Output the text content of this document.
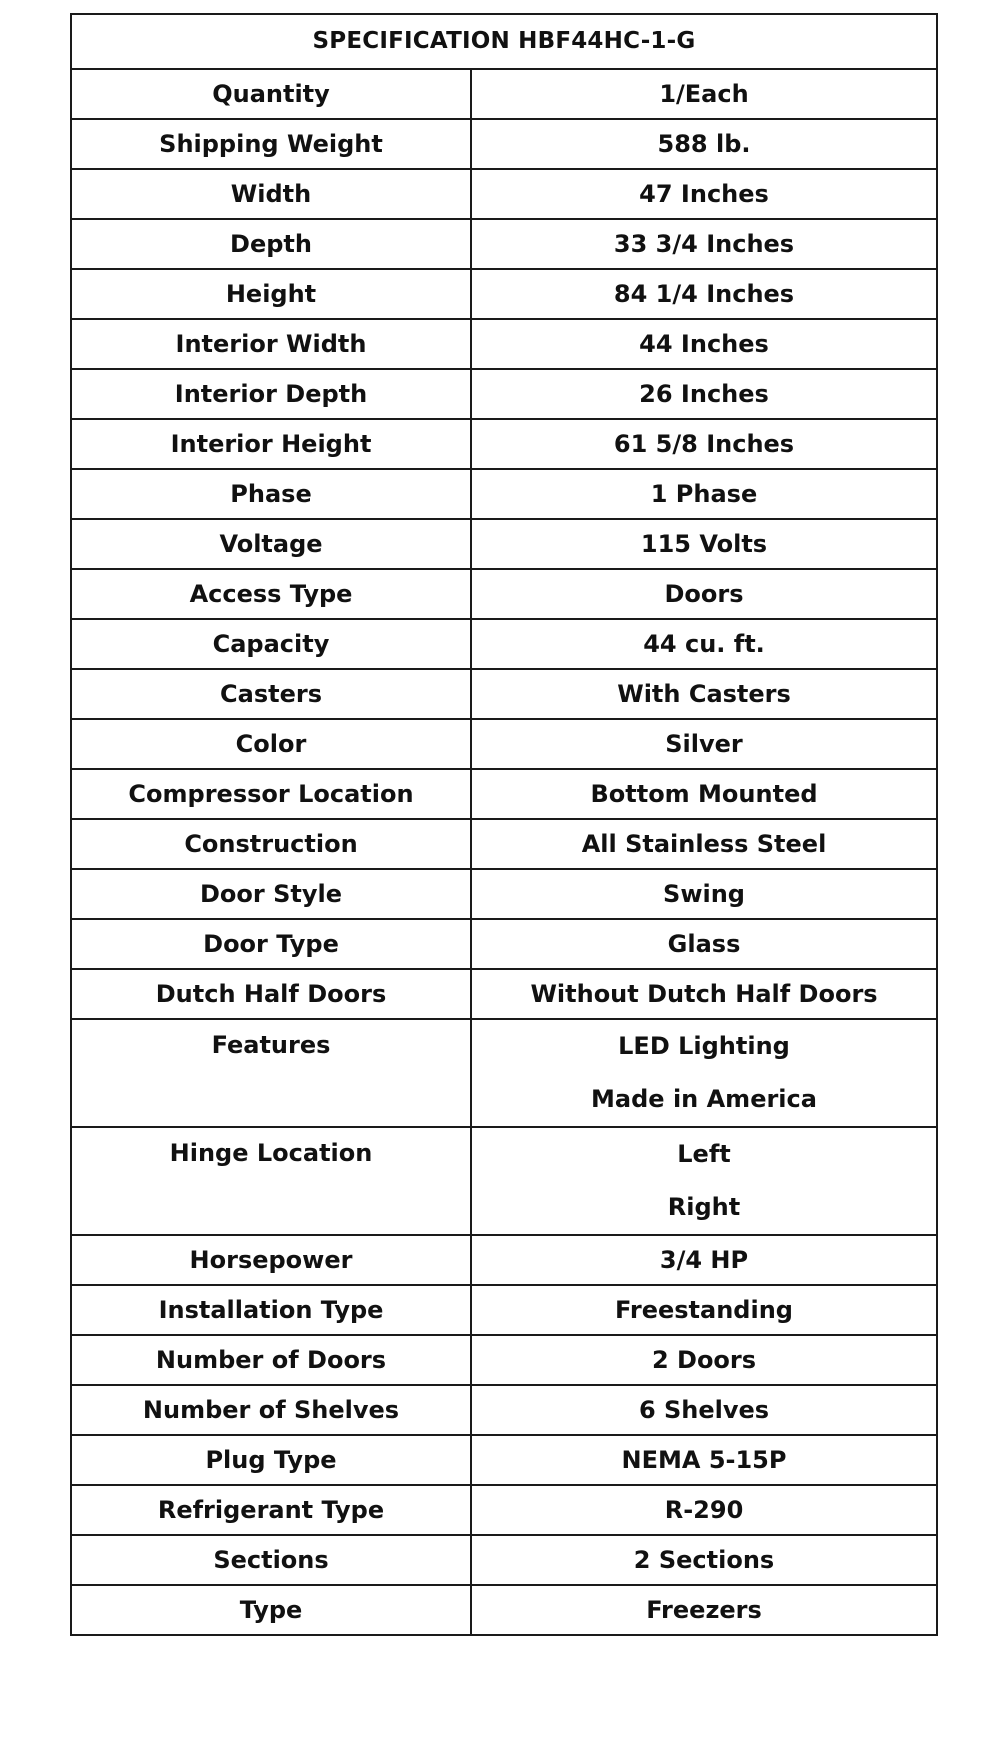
SPECIFICATION HBF44HC-1-G	
Quantity	1/Each
Shipping Weight	588 lb.
Width	47 Inches
Depth	33 3/4 Inches
Height	84 1/4 Inches
Interior Width	44 Inches
Interior Depth	26 Inches
Interior Height	61 5/8 Inches
Phase	1 Phase
Voltage	115 Volts
Access Type	Doors
Capacity	44 cu. ft.
Casters	With Casters
Color	Silver
Compressor Location	Bottom Mounted
Construction	All Stainless Steel
Door Style	Swing
Door Type	Glass
Dutch Half Doors	Without Dutch Half Doors
Features	LED Lighting
Made in America

Hinge Location	Left
Right

Horsepower	3/4 HP
Installation Type	Freestanding
Number of Doors	2 Doors
Number of Shelves	6 Shelves
Plug Type	NEMA 5-15P
Refrigerant Type	R-290
Sections	2 Sections
Type	Freezers
